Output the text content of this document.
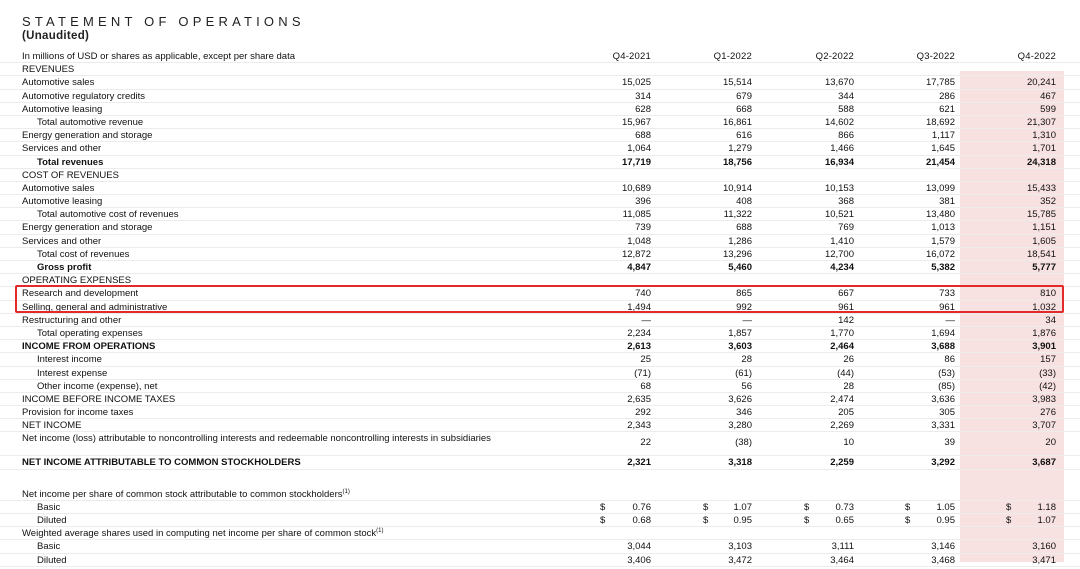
STATEMENT OF OPERATIONS
(Unaudited)
In millions of USD or shares as applicable, except per share data	Q4-2021	Q1-2022	Q2-2022	Q3-2022	Q4-2022
REVENUES
Automotive sales	15,025	15,514	13,670	17,785	20,241
Automotive regulatory credits	314	679	344	286	467
Automotive leasing	628	668	588	621	599
Total automotive revenue	15,967	16,861	14,602	18,692	21,307
Energy generation and storage	688	616	866	1,117	1,310
Services and other	1,064	1,279	1,466	1,645	1,701
Total revenues	17,719	18,756	16,934	21,454	24,318
COST OF REVENUES
Automotive sales	10,689	10,914	10,153	13,099	15,433
Automotive leasing	396	408	368	381	352
Total automotive cost of revenues	11,085	11,322	10,521	13,480	15,785
Energy generation and storage	739	688	769	1,013	1,151
Services and other	1,048	1,286	1,410	1,579	1,605
Total cost of revenues	12,872	13,296	12,700	16,072	18,541
Gross profit	4,847	5,460	4,234	5,382	5,777
OPERATING EXPENSES
Research and development	740	865	667	733	810
Selling, general and administrative	1,494	992	961	961	1,032
Restructuring and other	—	—	142	—	34
Total operating expenses	2,234	1,857	1,770	1,694	1,876
INCOME FROM OPERATIONS	2,613	3,603	2,464	3,688	3,901
Interest income	25	28	26	86	157
Interest expense	(71)	(61)	(44)	(53)	(33)
Other income (expense), net	68	56	28	(85)	(42)
INCOME BEFORE INCOME TAXES	2,635	3,626	2,474	3,636	3,983
Provision for income taxes	292	346	205	305	276
NET INCOME	2,343	3,280	2,269	3,331	3,707
Net income (loss) attributable to noncontrolling interests and redeemable noncontrolling interests in subsidiaries	22	(38)	10	39	20
NET INCOME ATTRIBUTABLE TO COMMON STOCKHOLDERS	2,321	3,318	2,259	3,292	3,687
Net income per share of common stock attributable to common stockholders$^{(1)}$
Basic	$	0.76	$	1.07	$	0.73	$	1.05	$	1.18
Diluted	$	0.68	$	0.95	$	0.65	$	0.95	$	1.07
Weighted average shares used in computing net income per share of common stock$^{(1)}$
Basic	3,044	3,103	3,111	3,146	3,160
Diluted	3,406	3,472	3,464	3,468	3,471
